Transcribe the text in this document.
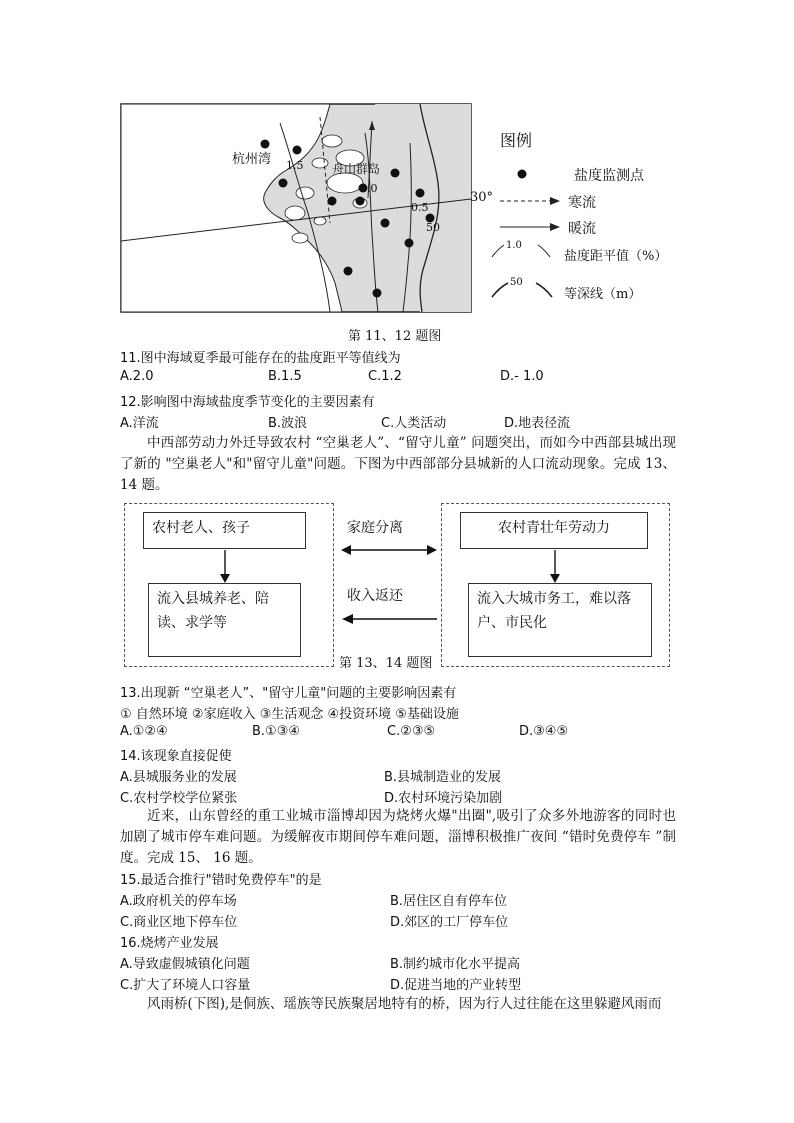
杭州湾
舟山群岛
1.5
1.0
0.5
50
30°
图例
1.0
50
盐度监测点
寒流
暖流
盐度距平值（%）
等深线（m）
第 11、12 题图
11.图中海域夏季最可能存在的盐度距平等值线为
A.2.0	B.1.5	C.1.2	D.- 1.0
12.影响图中海域盐度季节变化的主要因素有
A.洋流	B.波浪	C.人类活动	D.地表径流
中西部劳动力外迁导致农村 “空巢老人”、“留守儿童” 问题突出，而如今中西部县城出现了新的 "空巢老人"和"留守儿童"问题。下图为中西部部分县城新的人口流动现象。完成 13、14 题。
农村老人、孩子
流入县城养老、陪读、求学等
农村青壮年劳动力
流入大城市务工，难以落户、市民化
家庭分离
收入返还
第 13、14 题图
13.出现新 “空巢老人”、"留守儿童"问题的主要影响因素有
① 自然环境 ②家庭收入 ③生活观念 ④投资环境 ⑤基础设施
A.①②④	B.①③④	C.②③⑤	D.③④⑤
14.该现象直接促使
A.县城服务业的发展	B.县城制造业的发展
C.农村学校学位紧张	D.农村环境污染加剧
近来，山东曾经的重工业城市淄博却因为烧烤火爆"出圈",吸引了众多外地游客的同时也加剧了城市停车难问题。为缓解夜市期间停车难问题，淄博积极推广夜间 “错时免费停车 ”制度。完成 15、 16 题。
15.最适合推行"错时免费停车"的是
A.政府机关的停车场	B.居住区自有停车位
C.商业区地下停车位	D.郊区的工厂停车位
16.烧烤产业发展
A.导致虚假城镇化问题	B.制约城市化水平提高
C.扩大了环境人口容量	D.促进当地的产业转型
风雨桥(下图),是侗族、瑶族等民族聚居地特有的桥，因为行人过往能在这里躲避风雨而
